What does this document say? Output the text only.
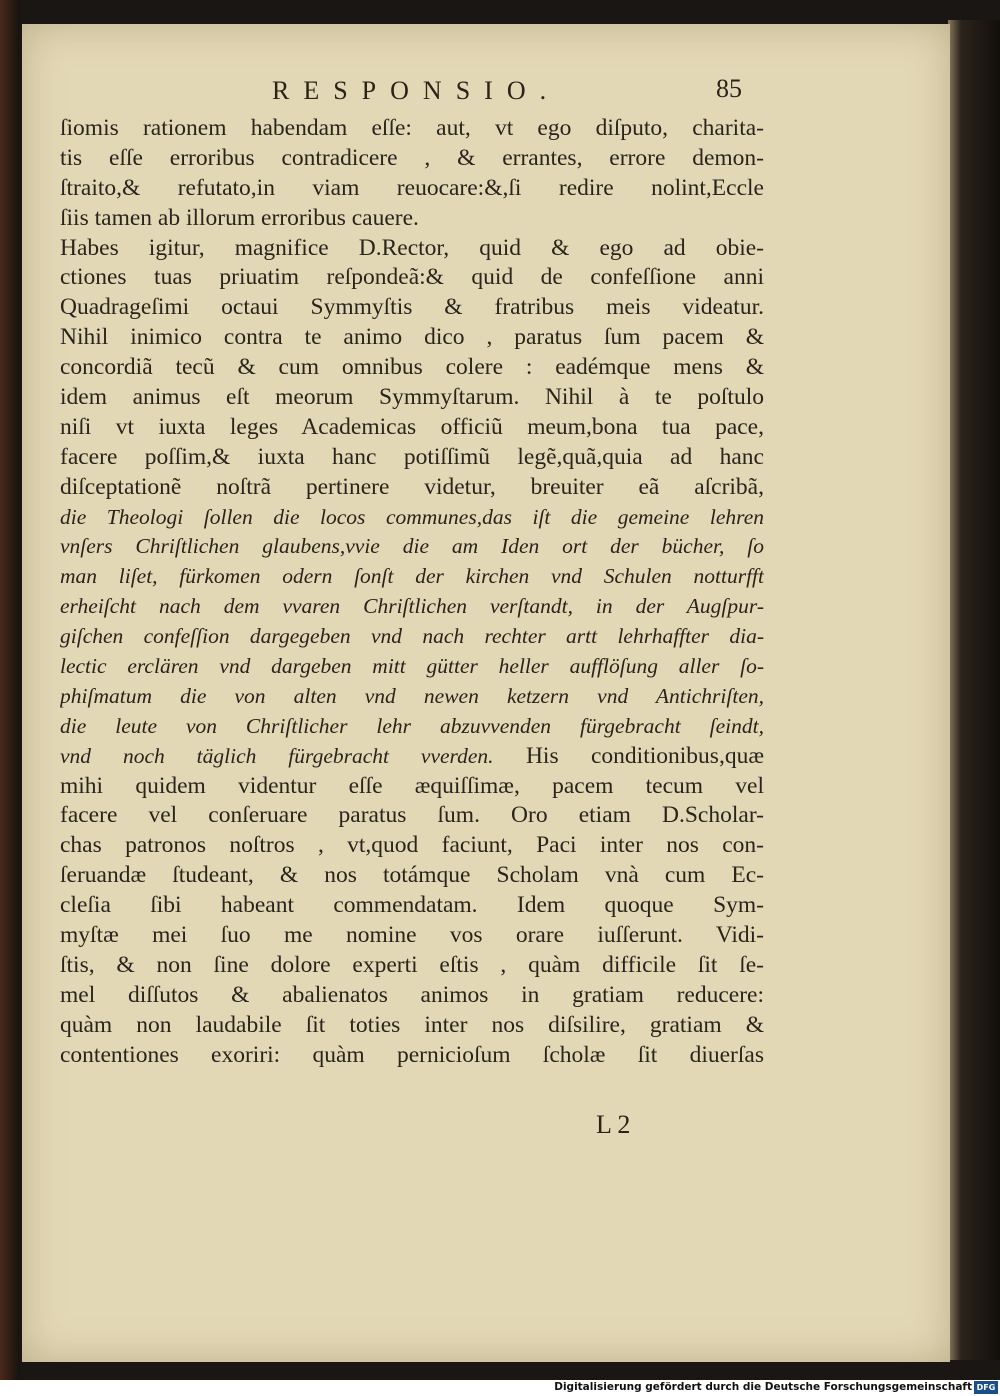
RESPONSIO.	85
ſiomis rationem habendam eſſe: aut, vt ego diſputo, charita-
tis eſſe erroribus contradicere , & errantes, errore demon-
ſtraito,& refutato,in viam reuocare:&,ſi redire nolint,Eccle
ſiis tamen ab illorum erroribus cauere.
Habes igitur, magnifice D.Rector, quid & ego ad obie-
ctiones tuas priuatim reſpondeã:& quid de confeſſione anni
Quadrageſimi octaui Symmyſtis & fratribus meis videatur.
Nihil inimico contra te animo dico , paratus ſum pacem &
concordiã tecũ & cum omnibus colere : eadémque mens &
idem animus eſt meorum Symmyſtarum. Nihil à te poſtulo
niſi vt iuxta leges Academicas officiũ meum,bona tua pace,
facere poſſim,& iuxta hanc potiſſimũ legẽ,quã,quia ad hanc
diſceptationẽ noſtrã pertinere videtur, breuiter eã aſcribã,
die Theologi ſollen die locos communes,das iſt die gemeine lehren
vnſers Chriſtlichen glaubens,vvie die am Iden ort der bücher, ſo
man liſet, fürkomen odern ſonſt der kirchen vnd Schulen notturfft
erheiſcht nach dem vvaren Chriſtlichen verſtandt, in der Augſpur-
giſchen confeſſion dargegeben vnd nach rechter artt lehrhaffter dia-
lectic erclären vnd dargeben mitt gütter heller aufflöſung aller ſo-
phiſmatum die von alten vnd newen ketzern vnd Antichriſten,
die leute von Chriſtlicher lehr abzuvvenden fürgebracht ſeindt,
vnd noch täglich fürgebracht vverden. His conditionibus,quæ
mihi quidem videntur eſſe æquiſſimæ, pacem tecum vel
facere vel conſeruare paratus ſum. Oro etiam D.Scholar-
chas patronos noſtros , vt,quod faciunt, Paci inter nos con-
ſeruandæ ſtudeant, & nos totámque Scholam vnà cum Ec-
cleſia ſibi habeant commendatam. Idem quoque Sym-
myſtæ mei ſuo me nomine vos orare iuſſerunt. Vidi-
ſtis, & non ſine dolore experti eſtis , quàm difficile ſit ſe-
mel diſſutos & abalienatos animos in gratiam reducere:
quàm non laudabile ſit toties inter nos diſsilire, gratiam &
contentiones exoriri: quàm pernicioſum ſcholæ ſit diuerſas
L 2
Digitalisierung gefördert durch die Deutsche Forschungsgemeinschaft DFG
